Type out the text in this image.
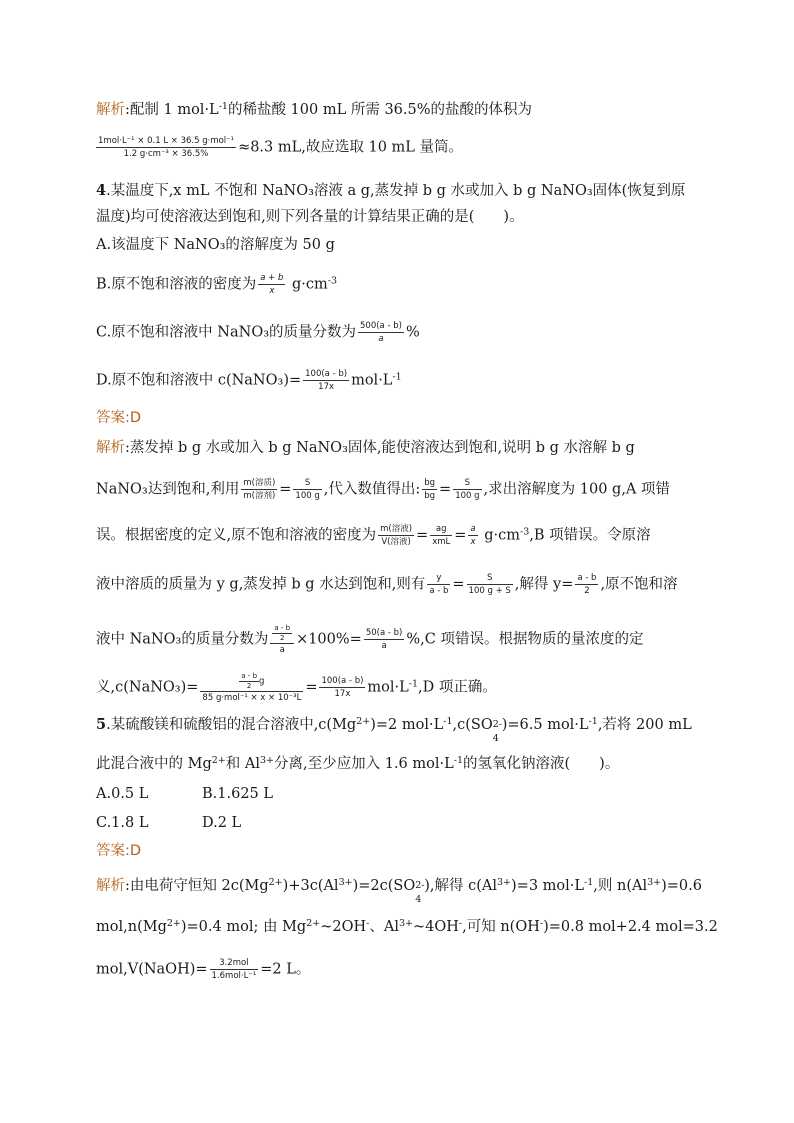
解析:配制 1 $mol\cdot L^{-1}$的稀盐酸 100 mL 所需 36.5%的盐酸的体积为
$\frac{\text{1mol·L⁻¹ × 0.1 L × 36.5 g·mol⁻¹}}{\text{1.2 g·cm⁻³ × 36.5\%}} \approx 8.3$ mL,故应选取 10 mL 量筒。
4.某温度下,x mL 不饱和 NaNO₃溶液 a g,蒸发掉 b g 水或加入 b g NaNO₃固体(恢复到原
温度)均可使溶液达到饱和,则下列各量的计算结果正确的是(　　)。
A.该温度下 NaNO₃的溶解度为 50 g
B.原不饱和溶液的密度为 $\frac{a + b}{x} g\cdot cm^{-3}$
C.原不饱和溶液中 NaNO₃的质量分数为 $\frac{500(a - b)}{a}$ %
D.原不饱和溶液中 c(NaNO₃)= $\frac{100(a - b)}{17x} mol\cdot L^{-1}$
答案:D
解析:蒸发掉 b g 水或加入 b g NaNO₃固体,能使溶液达到饱和,说明 b g 水溶解 b g
NaNO₃达到饱和,利用 $\frac{\text{m(溶质)}}{\text{m(溶剂)}} = \frac{S}{100 g}$ ,代入数值得出: $\frac{bg}{bg} = \frac{S}{100 g}$ ,求出溶解度为 100 g,A 项错
误。根据密度的定义,原不饱和溶液的密度为 $\frac{\text{m(溶液)}}{\text{V(溶液)}} = \frac{ag}{\text{xmL}} = \frac{a}{x} g\cdot cm^{-3},B$ 项错误。令原溶
液中溶质的质量为 y g,蒸发掉 b g 水达到饱和,则有 $\frac{y}{a - b} = \frac{S}{100 g + S}$ ,解得 $y= \frac{a - b}{2}$ ,原不饱和溶
液中 NaNO₃的质量分数为 $\frac{\frac{a - b}{2}}{a} \times 100\%= \frac{50(a - b)}{a} \%,C$ 项错误。根据物质的量浓度的定
义,c(NaNO₃)= $\frac{\frac{a - b}{2} g}{\text{85 g·mol⁻¹ × x × 10⁻³L}} = \frac{100(a - b)}{17x} mol\cdot L^{-1},D$ 项正确。
5.某硫酸镁和硫酸铝的混合溶液中$,c(Mg^{2+})=2$ $mol\cdot L^{-1},c(SO$ 2-
4
)=6.5 $mol\cdot L^{-1}$,若将 200 mL
此混合液中的 $Mg^{2+}$和 $Al^{3+}$分离,至少应加入 1.6 $mol\cdot L^{-1}$的氢氧化钠溶液(　　)。
A.0.5 L	B.1.625 L
C.1.8 L	D.2 L
答案:D
解析:由电荷守恒知 $2c(Mg^{2+})+3c(Al^{3+})=2c(SO$ 2-
4
),解得 $c(Al^{3+})=3$ $mol\cdot L^{-1}$,则 $n(Al^{3+})=0.6$
$mol,n(Mg^{2+})=0.4$ mol; 由 $Mg^{2+}\sim 2OH^-$、$Al^{3+}\sim 4OH^-$,可知 n(OH-)=0.8 mol+2.4 mol=3.2
mol,V(NaOH)= $\frac{\text{3.2mol}}{\text{1.6mol·L⁻¹}} =2$ L。
